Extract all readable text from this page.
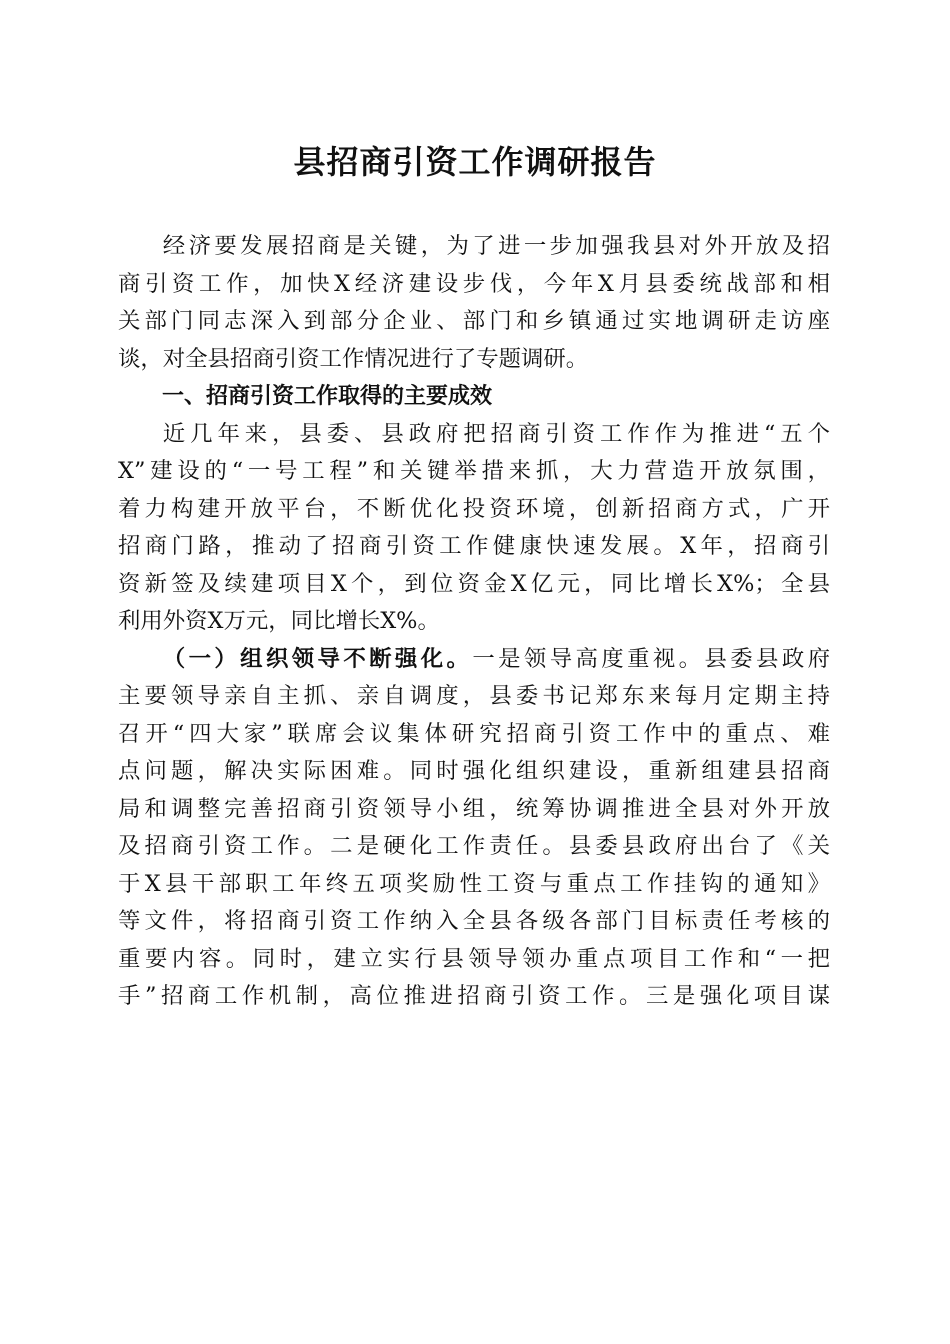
县招商引资工作调研报告
经济要发展招商是关键，为了进一步加强我县对外开放及招
商引资工作，加快X经济建设步伐，今年X月县委统战部和相
关部门同志深入到部分企业、部门和乡镇通过实地调研走访座
谈，对全县招商引资工作情况进行了专题调研。
一、招商引资工作取得的主要成效
近几年来，县委、县政府把招商引资工作作为推进“五个
X”建设的“一号工程”和关键举措来抓，大力营造开放氛围，
着力构建开放平台，不断优化投资环境，创新招商方式，广开
招商门路，推动了招商引资工作健康快速发展。X年，招商引
资新签及续建项目X个，到位资金X亿元，同比增长X%；全县
利用外资X万元，同比增长X%。
（一）组织领导不断强化。一是领导高度重视。县委县政府
主要领导亲自主抓、亲自调度，县委书记郑东来每月定期主持
召开“四大家”联席会议集体研究招商引资工作中的重点、难
点问题，解决实际困难。同时强化组织建设，重新组建县招商
局和调整完善招商引资领导小组，统筹协调推进全县对外开放
及招商引资工作。二是硬化工作责任。县委县政府出台了《关
于X县干部职工年终五项奖励性工资与重点工作挂钩的通知》
等文件，将招商引资工作纳入全县各级各部门目标责任考核的
重要内容。同时，建立实行县领导领办重点项目工作和“一把
手”招商工作机制，高位推进招商引资工作。三是强化项目谋
